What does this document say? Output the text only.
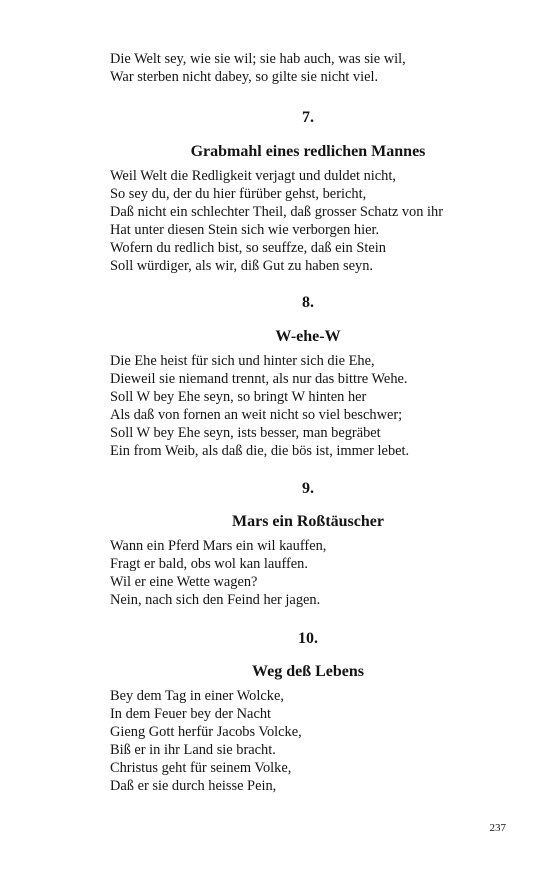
Die Welt sey, wie sie wil; sie hab auch, was sie wil,
War sterben nicht dabey, so gilte sie nicht viel.
7.
Grabmahl eines redlichen Mannes
Weil Welt die Redligkeit verjagt und duldet nicht,
So sey du, der du hier fürüber gehst, bericht,
Daß nicht ein schlechter Theil, daß grosser Schatz von ihr
Hat unter diesen Stein sich wie verborgen hier.
Wofern du redlich bist, so seuffze, daß ein Stein
Soll würdiger, als wir, diß Gut zu haben seyn.
8.
W-ehe-W
Die Ehe heist für sich und hinter sich die Ehe,
Dieweil sie niemand trennt, als nur das bittre Wehe.
Soll W bey Ehe seyn, so bringt W hinten her
Als daß von fornen an weit nicht so viel beschwer;
Soll W bey Ehe seyn, ists besser, man begräbet
Ein from Weib, als daß die, die bös ist, immer lebet.
9.
Mars ein Roßtäuscher
Wann ein Pferd Mars ein wil kauffen,
Fragt er bald, obs wol kan lauffen.
Wil er eine Wette wagen?
Nein, nach sich den Feind her jagen.
10.
Weg deß Lebens
Bey dem Tag in einer Wolcke,
In dem Feuer bey der Nacht
Gieng Gott herfür Jacobs Volcke,
Biß er in ihr Land sie bracht.
Christus geht für seinem Volke,
Daß er sie durch heisse Pein,
237
